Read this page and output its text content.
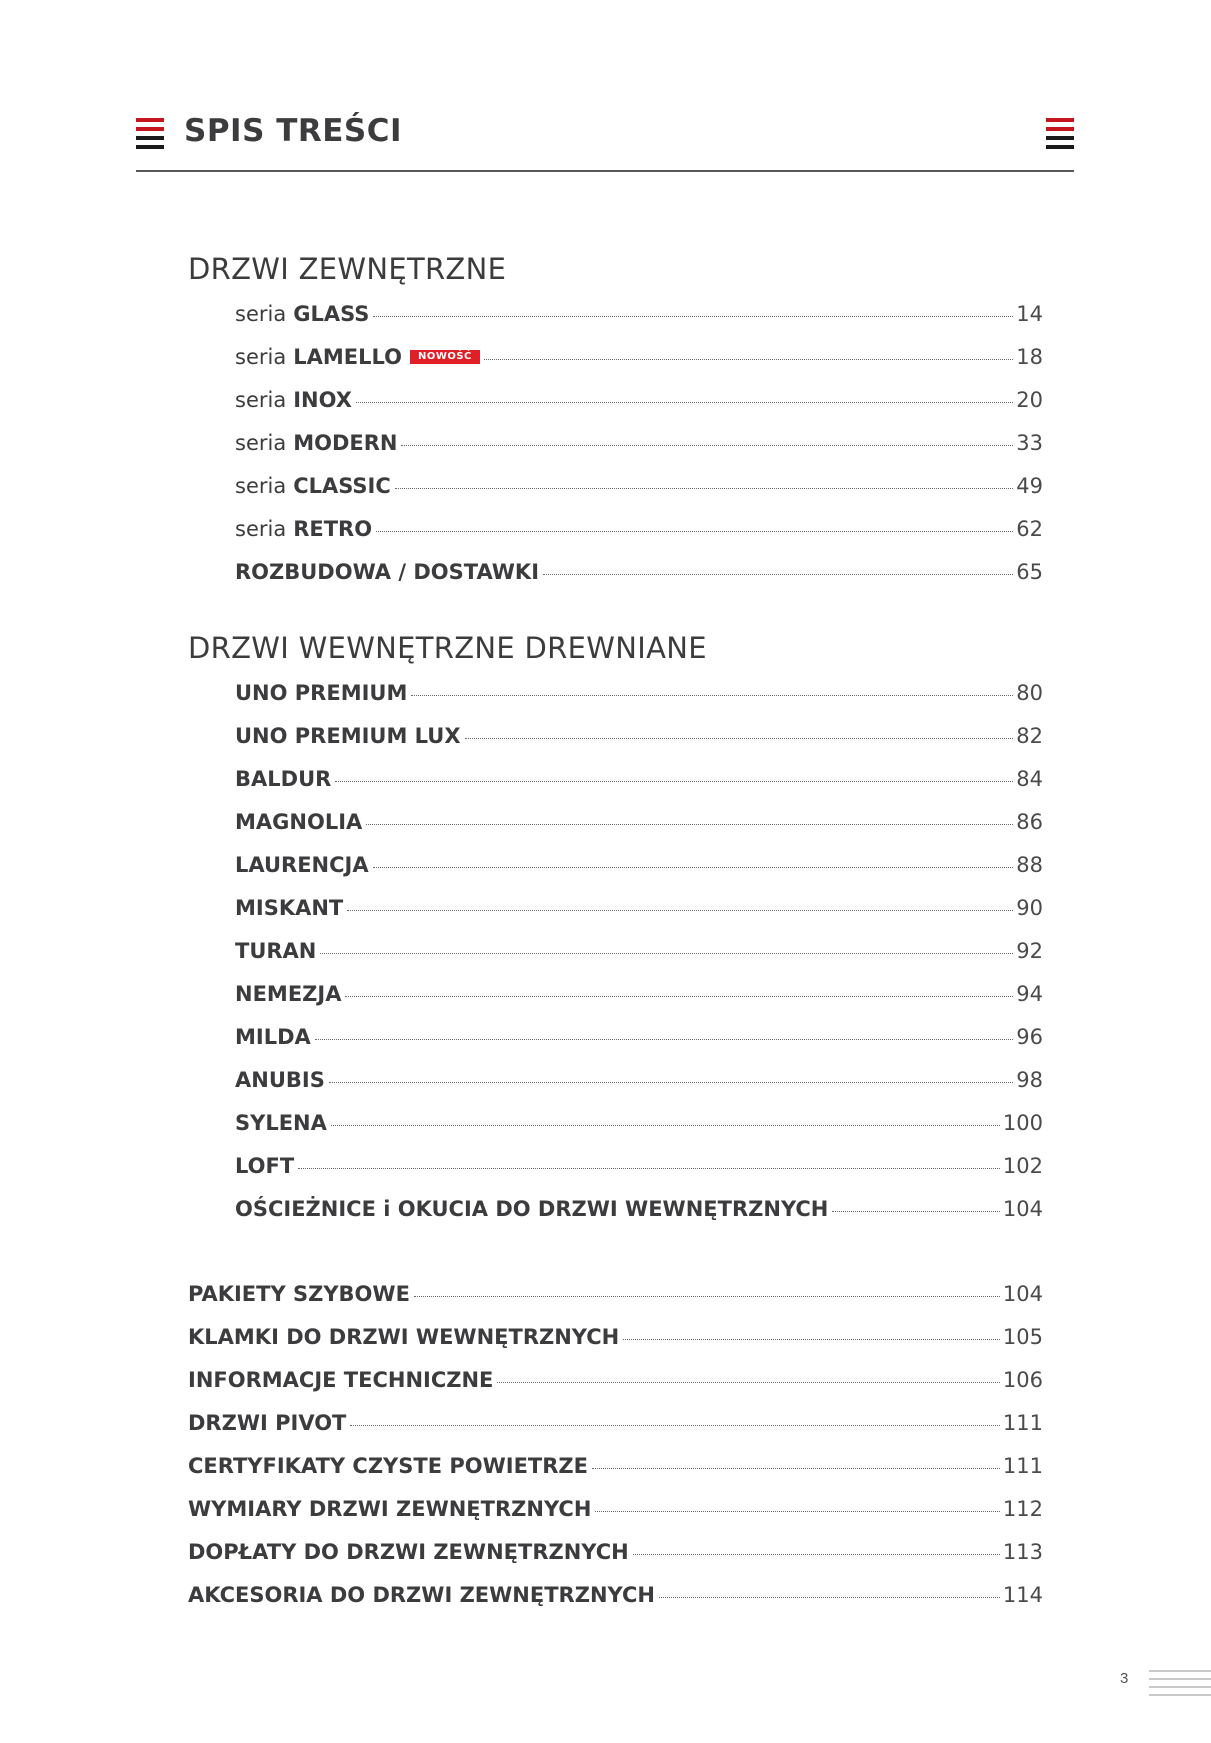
SPIS TREŚCI
DRZWI ZEWNĘTRZNE
seria GLASS	14
seria LAMELLO	NOWOŚĆ	18
seria INOX	20
seria MODERN	33
seria CLASSIC	49
seria RETRO	62
ROZBUDOWA / DOSTAWKI	65
DRZWI WEWNĘTRZNE DREWNIANE
UNO PREMIUM	80
UNO PREMIUM LUX	82
BALDUR	84
MAGNOLIA	86
LAURENCJA	88
MISKANT	90
TURAN	92
NEMEZJA	94
MILDA	96
ANUBIS	98
SYLENA	100
LOFT	102
OŚCIEŻNICE i OKUCIA DO DRZWI WEWNĘTRZNYCH	104
PAKIETY SZYBOWE	104
KLAMKI DO DRZWI WEWNĘTRZNYCH	105
INFORMACJE TECHNICZNE	106
DRZWI PIVOT	111
CERTYFIKATY CZYSTE POWIETRZE	111
WYMIARY DRZWI ZEWNĘTRZNYCH	112
DOPŁATY DO DRZWI ZEWNĘTRZNYCH	113
AKCESORIA DO DRZWI ZEWNĘTRZNYCH	114
3
